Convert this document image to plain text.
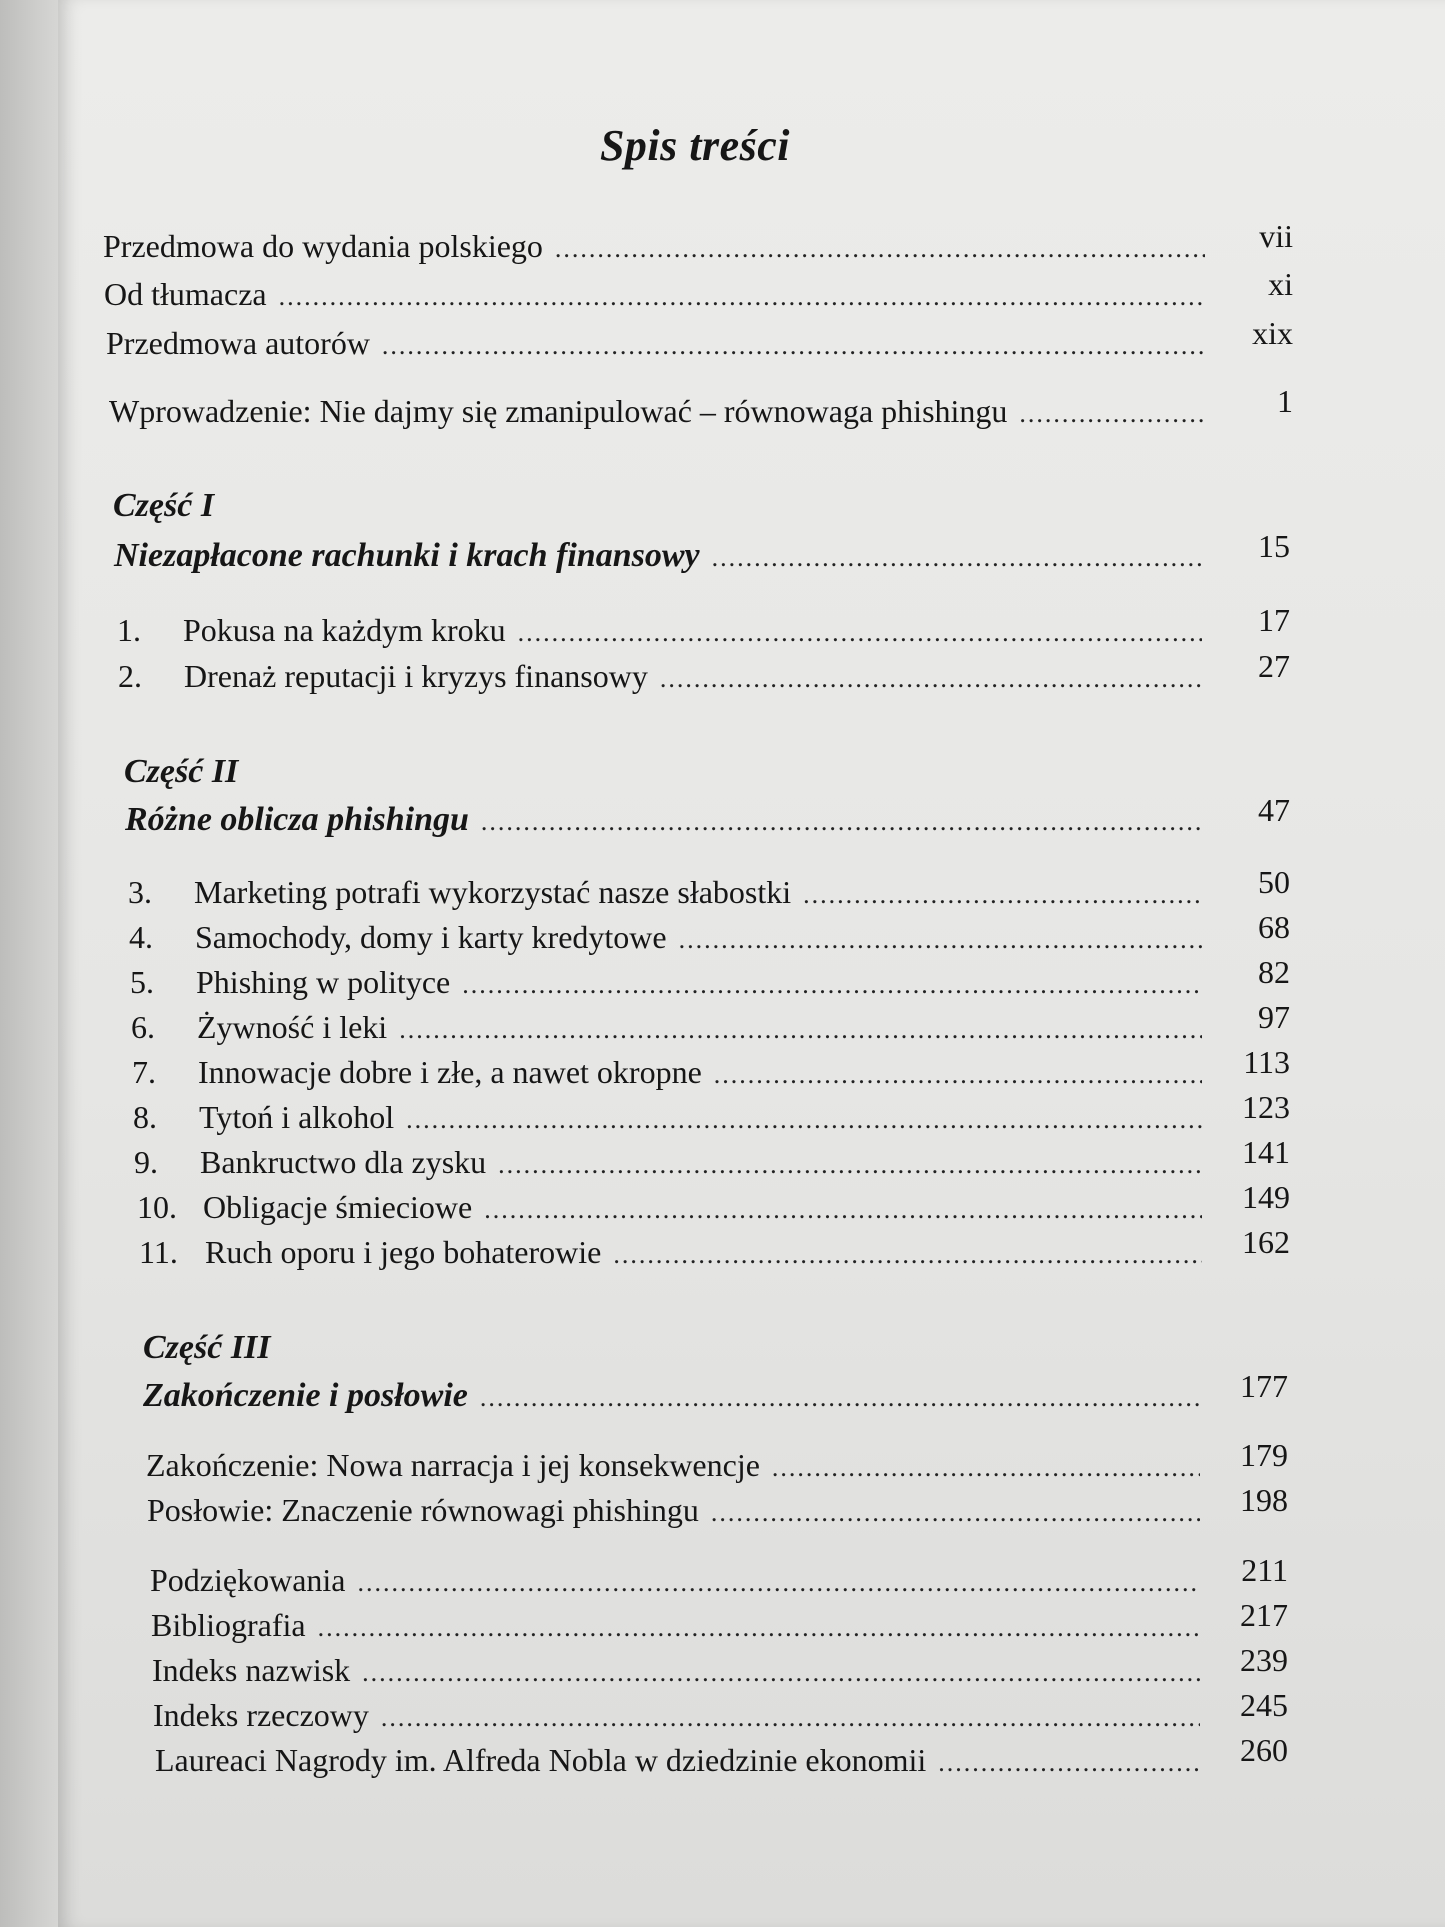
Spis treści
Przedmowa do wydania polskiego .....	vii
Od tłumacza .....	xi
Przedmowa autorów .....	xix
Wprowadzenie: Nie dajmy się zmanipulować – równowaga phishingu .....	1
Część I
Niezapłacone rachunki i krach finansowy .....	15
1.	Pokusa na każdym kroku .....	17
2.	Drenaż reputacji i kryzys finansowy .....	27
Część II
Różne oblicza phishingu .....	47
3.	Marketing potrafi wykorzystać nasze słabostki .....	50
4.	Samochody, domy i karty kredytowe .....	68
5.	Phishing w polityce .....	82
6.	Żywność i leki .....	97
7.	Innowacje dobre i złe, a nawet okropne .....	113
8.	Tytoń i alkohol .....	123
9.	Bankructwo dla zysku .....	141
10. Obligacje śmieciowe .....	149
11. Ruch oporu i jego bohaterowie .....	162
Część III
Zakończenie i posłowie .....	177
Zakończenie: Nowa narracja i jej konsekwencje .....	179
Posłowie: Znaczenie równowagi phishingu .....	198
Podziękowania .....	211
Bibliografia .....	217
Indeks nazwisk .....	239
Indeks rzeczowy .....	245
Laureaci Nagrody im. Alfreda Nobla w dziedzinie ekonomii .....	260
